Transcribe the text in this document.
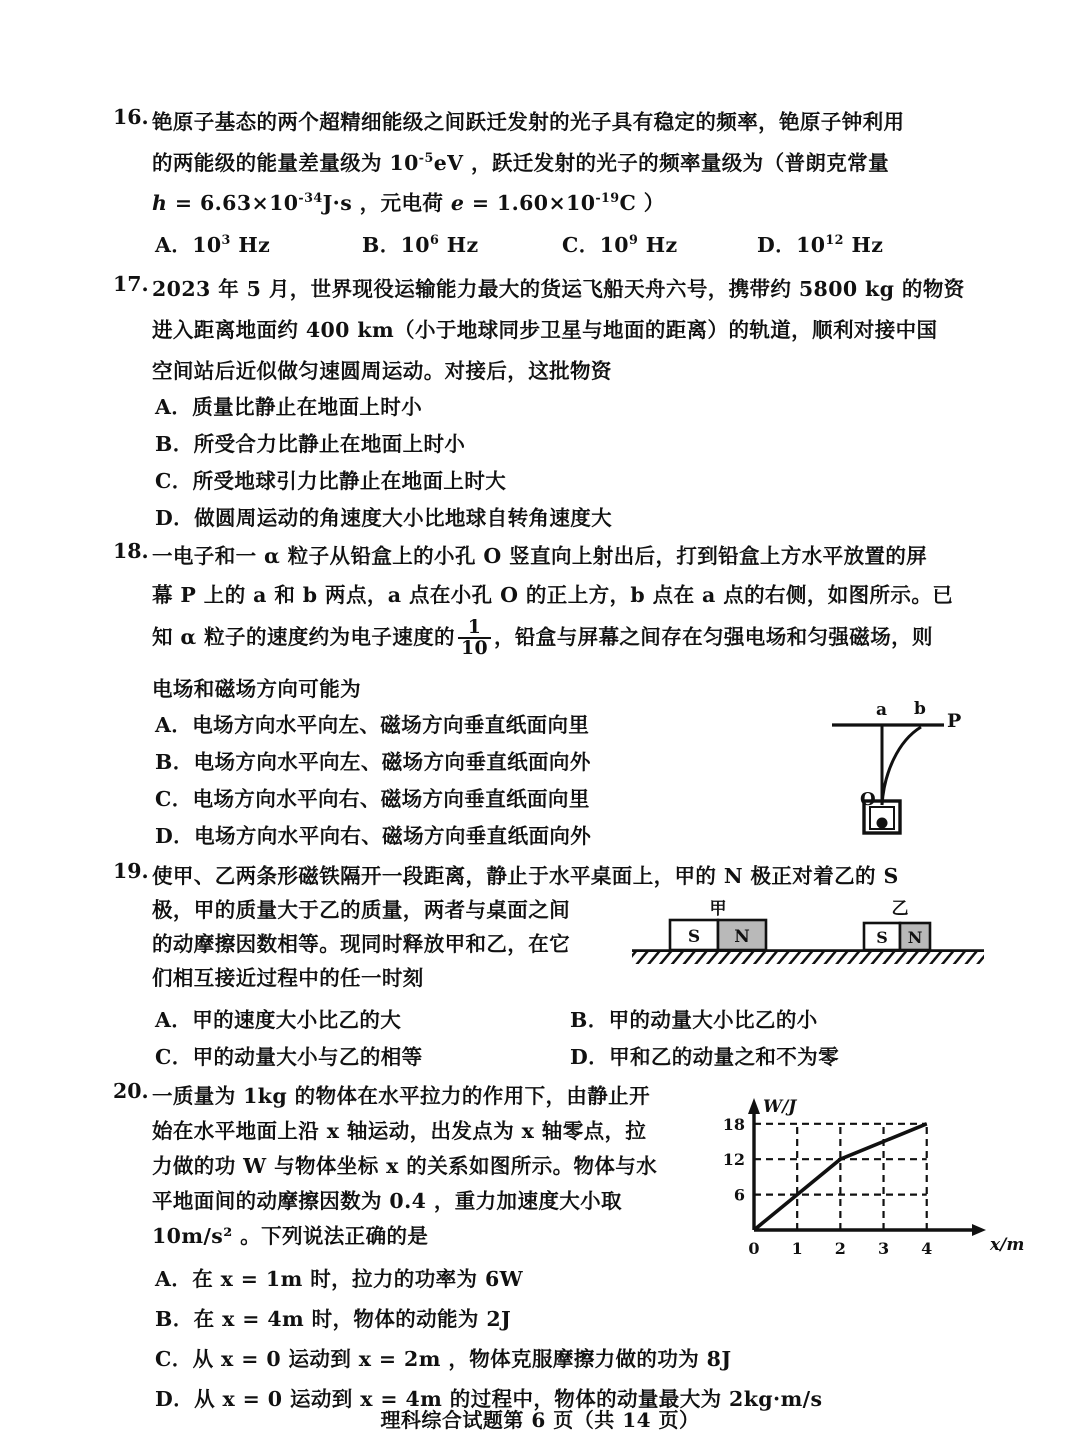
16. 铯原子基态的两个超精细能级之间跃迁发射的光子具有稳定的频率，铯原子钟利用
的两能级的能量差量级为 $10^{-5}eV$ ，跃迁发射的光子的频率量级为（普朗克常量
$h = 6.63\times 10^{-34}J\cdot s$ ，元电荷 $e = 1.60\times 10^{-19}C$ ）
A．$10^3$ Hz	B．$10^6$ Hz	C．$10^9$ Hz	D．$10^{12}$ Hz
17. 2023 年 5 月，世界现役运输能力最大的货运飞船天舟六号，携带约 5800 kg 的物资
进入距离地面约 400 km（小于地球同步卫星与地面的距离）的轨道，顺利对接中国
空间站后近似做匀速圆周运动。对接后，这批物资
A．质量比静止在地面上时小
B．所受合力比静止在地面上时小
C．所受地球引力比静止在地面上时大
D．做圆周运动的角速度大小比地球自转角速度大
18. 一电子和一 α 粒子从铅盒上的小孔 O 竖直向上射出后，打到铅盒上方水平放置的屏
幕 P 上的 a 和 b 两点，a 点在小孔 O 的正上方，b 点在 a 点的右侧，如图所示。已
知 α 粒子的速度约为电子速度的 $\frac{1}{10}$ ，铅盒与屏幕之间存在匀强电场和匀强磁场，则
电场和磁场方向可能为
A．电场方向水平向左、磁场方向垂直纸面向里
B．电场方向水平向左、磁场方向垂直纸面向外
C．电场方向水平向右、磁场方向垂直纸面向里
D．电场方向水平向右、磁场方向垂直纸面向外
a b
P
O
19. 使甲、乙两条形磁铁隔开一段距离，静止于水平桌面上，甲的 N 极正对着乙的 S
极，甲的质量大于乙的质量，两者与桌面之间
的动摩擦因数相等。现同时释放甲和乙，在它
们相互接近过程中的任一时刻
A．甲的速度大小比乙的大	B．甲的动量大小比乙的小
C．甲的动量大小与乙的相等	D．甲和乙的动量之和不为零
甲
S N
乙
S N
20. 一质量为 1kg 的物体在水平拉力的作用下，由静止开
始在水平地面上沿 x 轴运动，出发点为 x 轴零点，拉
力做的功 W 与物体坐标 x 的关系如图所示。物体与水
平地面间的动摩擦因数为 0.4 ，重力加速度大小取
10m/s² 。下列说法正确的是
A．在 x = 1m 时，拉力的功率为 6W
B．在 x = 4m 时，物体的动能为 2J
C．从 x = 0 运动到 x = 2m ，物体克服摩擦力做的功为 8J
D．从 x = 0 运动到 x = 4m 的过程中，物体的动量最大为 2kg·m/s
6
12
18
0 1 2 3 4
W/J
x/m
理科综合试题第 6 页（共 14 页）
